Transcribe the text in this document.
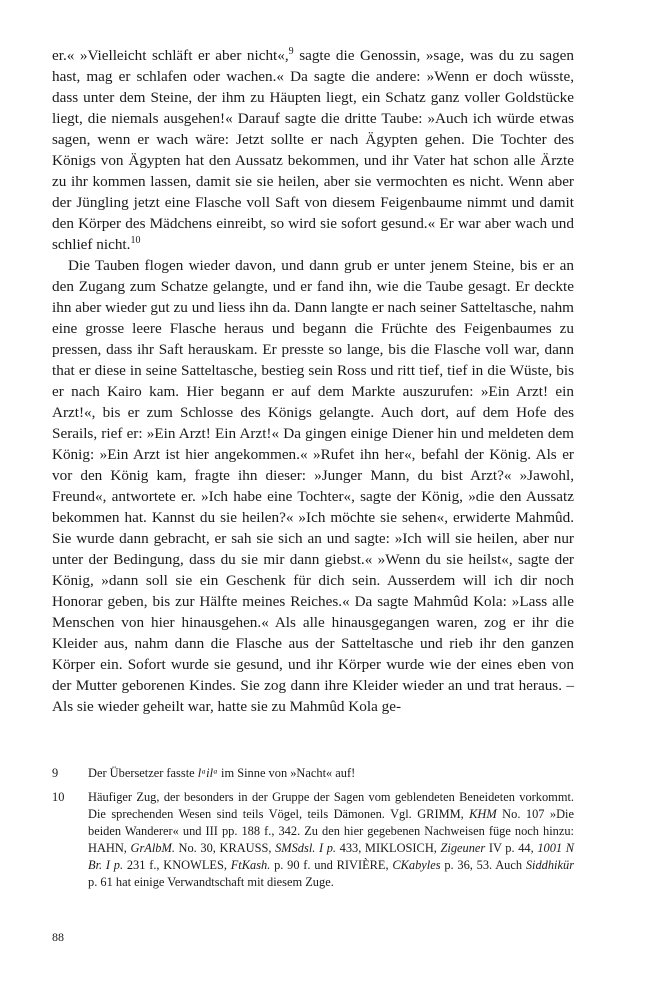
er.« »Vielleicht schläft er aber nicht«,$^9$ sagte die Genossin, »sage, was du zu sagen hast, mag er schlafen oder wachen.« Da sagte die andere: »Wenn er doch wüsste, dass unter dem Steine, der ihm zu Häupten liegt, ein Schatz ganz voller Goldstücke liegt, die niemals ausgehen!« Darauf sagte die dritte Taube: »Auch ich würde etwas sagen, wenn er wach wäre: Jetzt sollte er nach Ägypten gehen. Die Tochter des Königs von Ägypten hat den Aussatz bekommen, und ihr Vater hat schon alle Ärzte zu ihr kommen lassen, damit sie sie heilen, aber sie vermochten es nicht. Wenn aber der Jüngling jetzt eine Flasche voll Saft von diesem Feigenbaume nimmt und damit den Körper des Mädchens einreibt, so wird sie sofort gesund.« Er war aber wach und schlief nicht.$^{10}$

Die Tauben flogen wieder davon, und dann grub er unter jenem Steine, bis er an den Zugang zum Schatze gelangte, und er fand ihn, wie die Taube gesagt. Er deckte ihn aber wieder gut zu und liess ihn da. Dann langte er nach seiner Satteltasche, nahm eine grosse leere Flasche heraus und begann die Früchte des Feigenbaumes zu pressen, dass ihr Saft herauskam. Er presste so lange, bis die Flasche voll war, dann that er diese in seine Satteltasche, bestieg sein Ross und ritt tief, tief in die Wüste, bis er nach Kairo kam. Hier begann er auf dem Markte auszurufen: »Ein Arzt! ein Arzt!«, bis er zum Schlosse des Königs gelangte. Auch dort, auf dem Hofe des Serails, rief er: »Ein Arzt! Ein Arzt!« Da gingen einige Diener hin und meldeten dem König: »Ein Arzt ist hier angekommen.« »Rufet ihn her«, befahl der König. Als er vor den König kam, fragte ihn dieser: »Junger Mann, du bist Arzt?« »Jawohl, Freund«, antwortete er. »Ich habe eine Tochter«, sagte der König, »die den Aussatz bekommen hat. Kannst du sie heilen?« »Ich möchte sie sehen«, erwiderte Mahmûd. Sie wurde dann gebracht, er sah sie sich an und sagte: »Ich will sie heilen, aber nur unter der Bedingung, dass du sie mir dann giebst.« »Wenn du sie heilst«, sagte der König, »dann soll sie ein Geschenk für dich sein. Ausserdem will ich dir noch Honorar geben, bis zur Hälfte meines Reiches.« Da sagte Mahmûd Kola: »Lass alle Menschen von hier hinausgehen.« Als alle hinausgegangen waren, zog er ihr die Kleider aus, nahm dann die Flasche aus der Satteltasche und rieb ihr den ganzen Körper ein. Sofort wurde sie gesund, und ihr Körper wurde wie der eines eben von der Mutter geborenen Kindes. Sie zog dann ihre Kleider wieder an und trat heraus. – Als sie wieder geheilt war, hatte sie zu Mahmûd Kola ge-

9	Der Übersetzer fasste lᵃilᵃ im Sinne von »Nacht« auf!
10	Häufiger Zug, der besonders in der Gruppe der Sagen vom geblendeten Beneideten vorkommt. Die sprechenden Wesen sind teils Vögel, teils Dämonen. Vgl. GRIMM, KHM No. 107 »Die beiden Wanderer« und III pp. 188 f., 342. Zu den hier gegebenen Nachweisen füge noch hinzu: HAHN, GrAlbM. No. 30, KRAUSS, SMSdsl. I p. 433, MIKLOSICH, Zigeuner IV p. 44, 1001 N Br. I p. 231 f., KNOWLES, FtKash. p. 90 f. und RIVIÈRE, CKabyles p. 36, 53. Auch Siddhikür p. 61 hat einige Verwandtschaft mit diesem Zuge.
88
